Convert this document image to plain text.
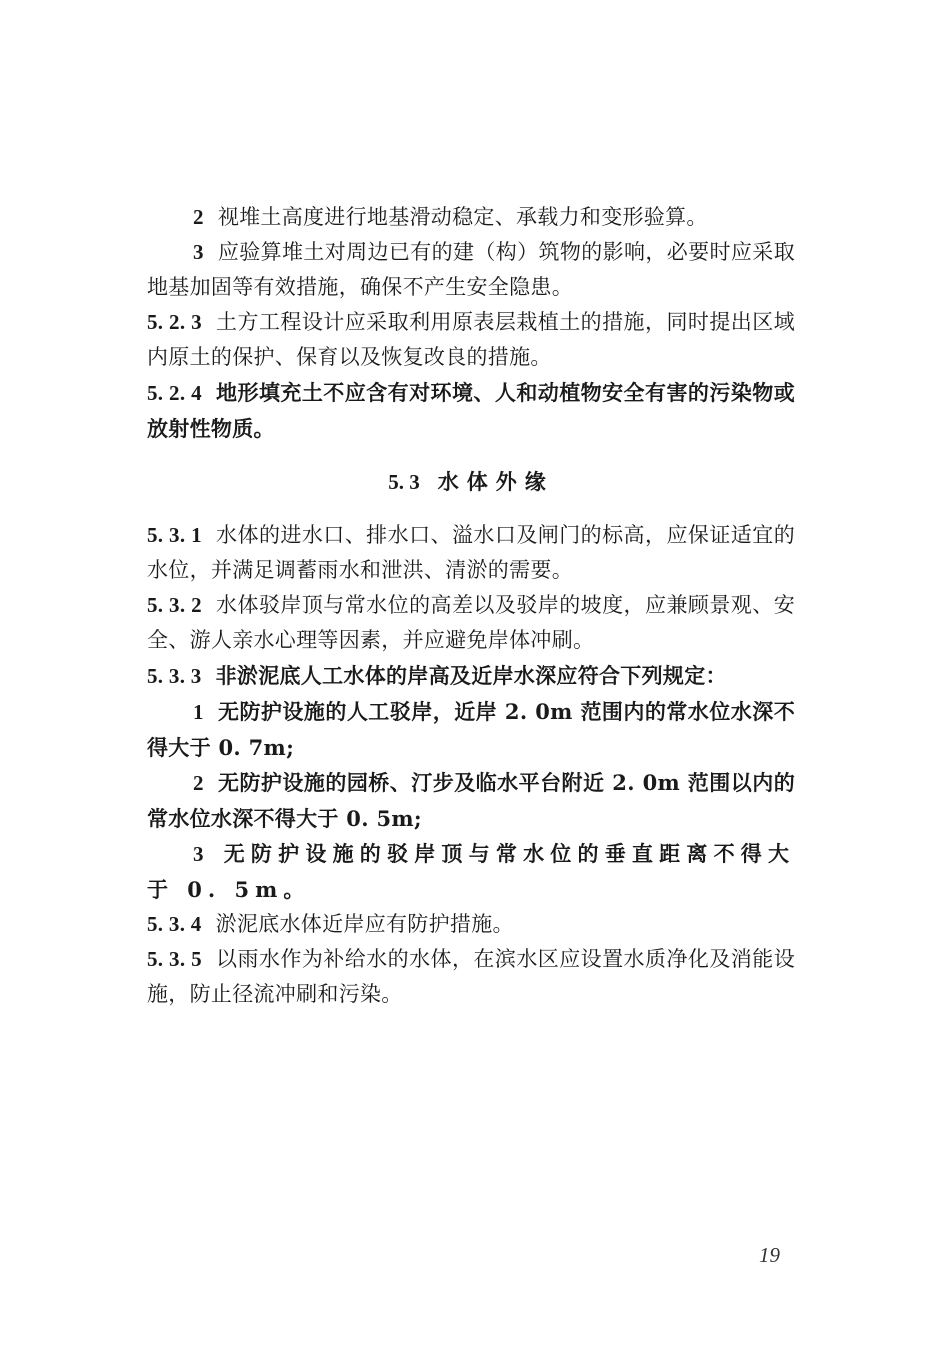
2 视堆土高度进行地基滑动稳定、承载力和变形验算。

3 应验算堆土对周边已有的建（构）筑物的影响，必要时应采取地基加固等有效措施，确保不产生安全隐患。

5. 2. 3 土方工程设计应采取利用原表层栽植土的措施，同时提出区域内原土的保护、保育以及恢复改良的措施。

5. 2. 4 地形填充土不应含有对环境、人和动植物安全有害的污染物或放射性物质。

5. 3 水体外缘

5. 3. 1 水体的进水口、排水口、溢水口及闸门的标高，应保证适宜的水位，并满足调蓄雨水和泄洪、清淤的需要。

5. 3. 2 水体驳岸顶与常水位的高差以及驳岸的坡度，应兼顾景观、安全、游人亲水心理等因素，并应避免岸体冲刷。

5. 3. 3 非淤泥底人工水体的岸高及近岸水深应符合下列规定：

1 无防护设施的人工驳岸，近岸 2. 0m 范围内的常水位水深不得大于 0. 7m;

2 无防护设施的园桥、汀步及临水平台附近 2. 0m 范围以内的常水位水深不得大于 0. 5m;

3 无防护设施的驳岸顶与常水位的垂直距离不得大于 0. 5m。

5. 3. 4 淤泥底水体近岸应有防护措施。

5. 3. 5 以雨水作为补给水的水体，在滨水区应设置水质净化及消能设施，防止径流冲刷和污染。

19
